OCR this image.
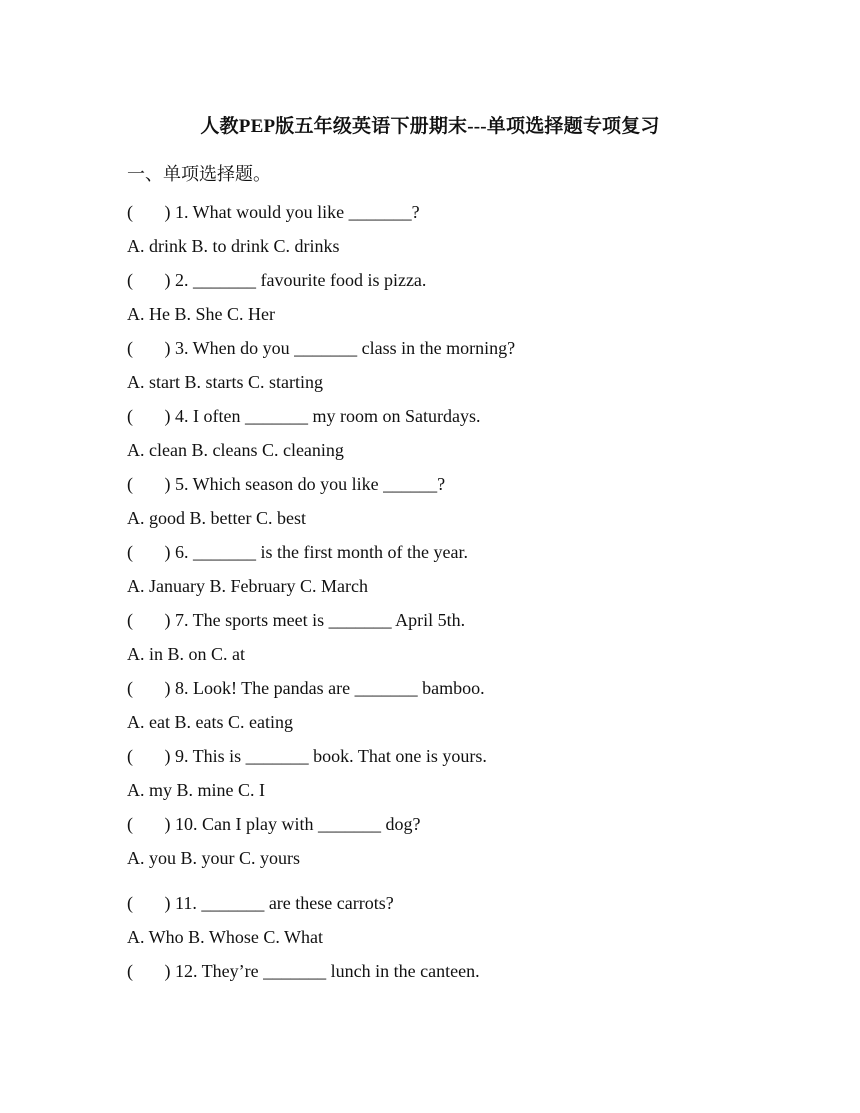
人教PEP版五年级英语下册期末---单项选择题专项复习
一、单项选择题。
(       ) 1. What would you like _______?
A. drink B. to drink C. drinks
(       ) 2. _______ favourite food is pizza.
A. He B. She C. Her
(       ) 3. When do you _______ class in the morning?
A. start B. starts C. starting
(       ) 4. I often _______ my room on Saturdays.
A. clean B. cleans C. cleaning
(       ) 5. Which season do you like ______?
A. good B. better C. best
(       ) 6. _______ is the first month of the year.
A. January B. February C. March
(       ) 7. The sports meet is _______ April 5th.
A. in B. on C. at
(       ) 8. Look! The pandas are _______ bamboo.
A. eat B. eats C. eating
(       ) 9. This is _______ book. That one is yours.
A. my B. mine C. I
(       ) 10. Can I play with _______ dog?
A. you B. your C. yours
(       ) 11. _______ are these carrots?
A. Who B. Whose C. What
(       ) 12. They’re _______ lunch in the canteen.
